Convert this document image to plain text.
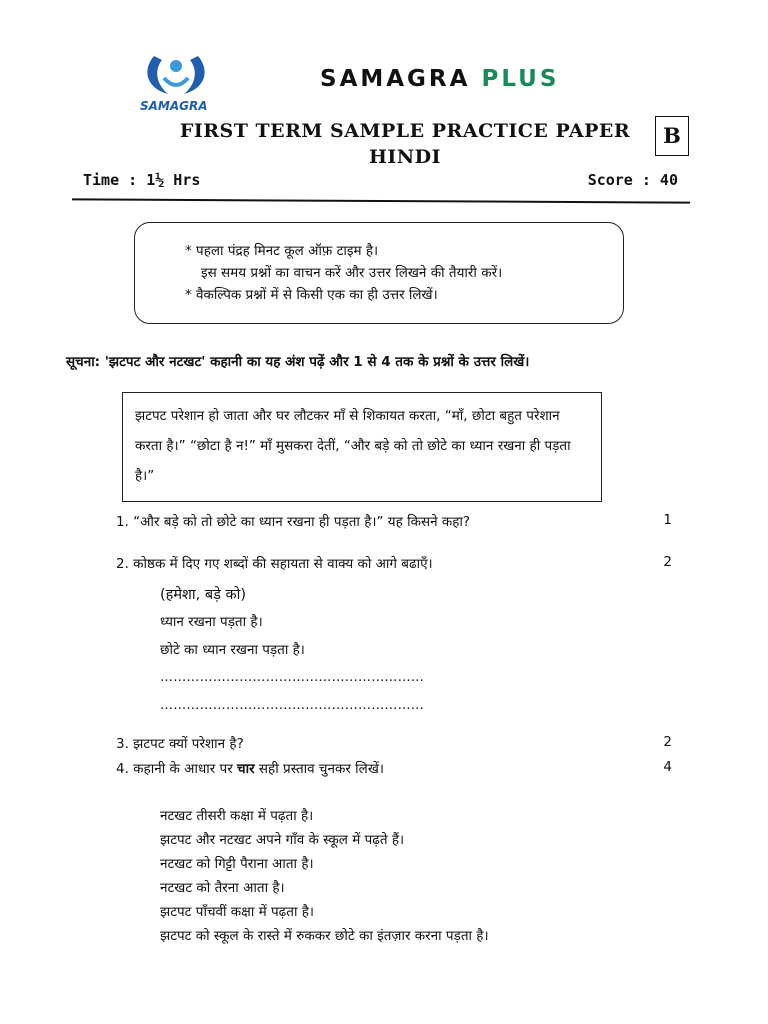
SAMAGRA
SAMAGRA PLUS
FIRST TERM SAMPLE PRACTICE PAPER
HINDI
B
Time : 1½ Hrs	Score : 40
* पहला पंद्रह मिनट कूल ऑफ़ टाइम है।
इस समय प्रश्नों का वाचन करें और उत्तर लिखने की तैयारी करें।
* वैकल्पिक प्रश्नों में से किसी एक का ही उत्तर लिखें।
सूचना: 'झटपट और नटखट' कहानी का यह अंश पढ़ें और 1 से 4 तक के प्रश्नों के उत्तर लिखें।
झटपट परेशान हो जाता और घर लौटकर माँ से शिकायत करता, “माँ, छोटा बहुत परेशान करता है।” “छोटा है न!” माँ मुसकरा देतीं, “और बड़े को तो छोटे का ध्यान रखना ही पड़ता है।”
1. “और बड़े को तो छोटे का ध्यान रखना ही पड़ता है।” यह किसने कहा?	1
2. कोष्ठक में दिए गए शब्दों की सहायता से वाक्य को आगे बढाएँ।	2
(हमेशा, बड़े को)
ध्यान रखना पड़ता है।
छोटे का ध्यान रखना पड़ता है।
……………………………………………………
……………………………………………………
3. झटपट क्यों परेशान है?	2
4. कहानी के आधार पर चार सही प्रस्ताव चुनकर लिखें।	4
नटखट तीसरी कक्षा में पढ़ता है।
झटपट और नटखट अपने गाँव के स्कूल में पढ़ते हैं।
नटखट को गिट्टी पैराना आता है।
नटखट को तैरना आता है।
झटपट पाँचवीं कक्षा में पढ़ता है।
झटपट को स्कूल के रास्ते में रुककर छोटे का इंतज़ार करना पड़ता है।
